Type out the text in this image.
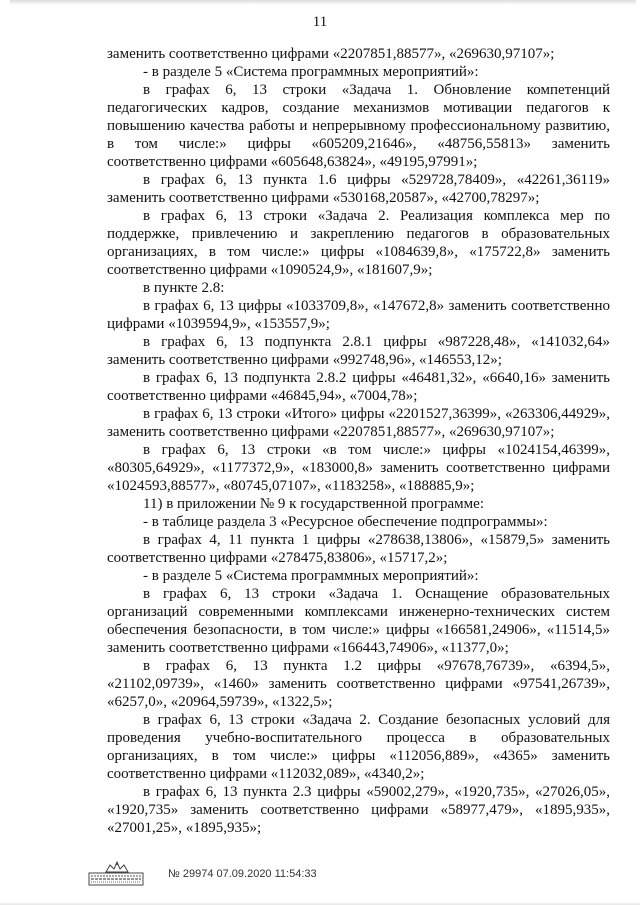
11

заменить соответственно цифрами «2207851,88577», «269630,97107»;

- в разделе 5 «Система программных мероприятий»:

в графах 6, 13 строки «Задача 1. Обновление компетенций педагогических кадров, создание механизмов мотивации педагогов к повышению качества работы и непрерывному профессиональному развитию, в том числе:» цифры «605209,21646», «48756,55813» заменить соответственно цифрами «605648,63824», «49195,97991»;

в графах 6, 13 пункта 1.6 цифры «529728,78409», «42261,36119» заменить соответственно цифрами «530168,20587», «42700,78297»;

в графах 6, 13 строки «Задача 2. Реализация комплекса мер по поддержке, привлечению и закреплению педагогов в образовательных организациях, в том числе:» цифры «1084639,8», «175722,8» заменить соответственно цифрами «1090524,9», «181607,9»;

в пункте 2.8:

в графах 6, 13 цифры «1033709,8», «147672,8» заменить соответственно цифрами «1039594,9», «153557,9»;

в графах 6, 13 подпункта 2.8.1 цифры «987228,48», «141032,64» заменить соответственно цифрами «992748,96», «146553,12»;

в графах 6, 13 подпункта 2.8.2 цифры «46481,32», «6640,16» заменить соответственно цифрами «46845,94», «7004,78»;

в графах 6, 13 строки «Итого» цифры «2201527,36399», «263306,44929», заменить соответственно цифрами «2207851,88577», «269630,97107»;

в графах 6, 13 строки «в том числе:» цифры «1024154,46399», «80305,64929», «1177372,9», «183000,8» заменить соответственно цифрами «1024593,88577», «80745,07107», «1183258», «188885,9»;

11) в приложении № 9 к государственной программе:

- в таблице раздела 3 «Ресурсное обеспечение подпрограммы»:

в графах 4, 11 пункта 1 цифры «278638,13806», «15879,5» заменить соответственно цифрами «278475,83806», «15717,2»;

- в разделе 5 «Система программных мероприятий»:

в графах 6, 13 строки «Задача 1. Оснащение образовательных организаций современными комплексами инженерно-технических систем обеспечения безопасности, в том числе:» цифры «166581,24906», «11514,5» заменить соответственно цифрами «166443,74906», «11377,0»;

в графах 6, 13 пункта 1.2 цифры «97678,76739», «6394,5», «21102,09739», «1460» заменить соответственно цифрами «97541,26739», «6257,0», «20964,59739», «1322,5»;

в графах 6, 13 строки «Задача 2. Создание безопасных условий для проведения учебно-воспитательного процесса в образовательных организациях, в том числе:» цифры «112056,889», «4365» заменить соответственно цифрами «112032,089», «4340,2»;

в графах 6, 13 пункта 2.3 цифры «59002,279», «1920,735», «27026,05», «1920,735» заменить соответственно цифрами «58977,479», «1895,935», «27001,25», «1895,935»;

№ 29974 07.09.2020 11:54:33
